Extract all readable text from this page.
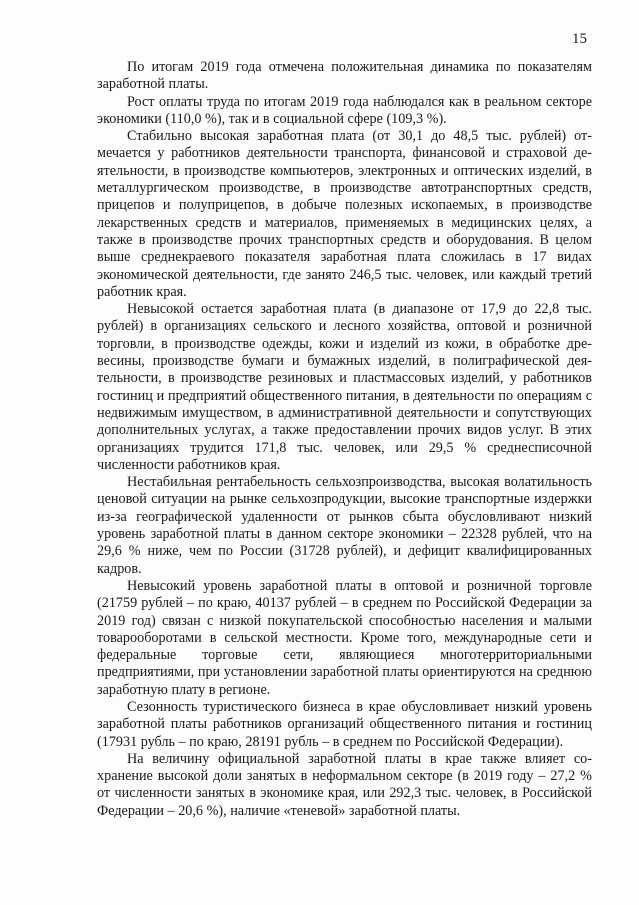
15

По итогам 2019 года отмечена положительная динамика по показателям заработной платы.

Рост оплаты труда по итогам 2019 года наблюдался как в реальном секторе экономики (110,0 %), так и в социальной сфере (109,3 %).

Стабильно высокая заработная плата (от 30,1 до 48,5 тыс. рублей) отмечается у работников деятельности транспорта, финансовой и страховой деятельности, в производстве компьютеров, электронных и оптических изделий, в металлургическом производстве, в производстве автотранспортных средств, прицепов и полуприцепов, в добыче полезных ископаемых, в производстве лекарственных средств и материалов, применяемых в медицинских целях, а также в производстве прочих транспортных средств и оборудования. В целом выше среднекраевого показателя заработная плата сложилась в 17 видах экономической деятельности, где занято 246,5 тыс. человек, или каждый третий работник края.

Невысокой остается заработная плата (в диапазоне от 17,9 до 22,8 тыс. рублей) в организациях сельского и лесного хозяйства, оптовой и розничной торговли, в производстве одежды, кожи и изделий из кожи, в обработке древесины, производстве бумаги и бумажных изделий, в полиграфической деятельности, в производстве резиновых и пластмассовых изделий, у работников гостиниц и предприятий общественного питания, в деятельности по операциям с недвижимым имуществом, в административной деятельности и сопутствующих дополнительных услугах, а также предоставлении прочих видов услуг. В этих организациях трудится 171,8 тыс. человек, или 29,5 % среднесписочной численности работников края.

Нестабильная рентабельность сельхозпроизводства, высокая волатильность ценовой ситуации на рынке сельхозпродукции, высокие транспортные издержки из-за географической удаленности от рынков сбыта обусловливают низкий уровень заработной платы в данном секторе экономики – 22328 рублей, что на 29,6 % ниже, чем по России (31728 рублей), и дефицит квалифицированных кадров.

Невысокий уровень заработной платы в оптовой и розничной торговле (21759 рублей – по краю, 40137 рублей – в среднем по Российской Федерации за 2019 год) связан с низкой покупательской способностью населения и малыми товарооборотами в сельской местности. Кроме того, международные сети и федеральные торговые сети, являющиеся многотерриториальными предприятиями, при установлении заработной платы ориентируются на среднюю заработную плату в регионе.

Сезонность туристического бизнеса в крае обусловливает низкий уровень заработной платы работников организаций общественного питания и гостиниц (17931 рубль – по краю, 28191 рубль – в среднем по Российской Федерации).

На величину официальной заработной платы в крае также влияет сохранение высокой доли занятых в неформальном секторе (в 2019 году – 27,2 % от численности занятых в экономике края, или 292,3 тыс. человек, в Российской Федерации – 20,6 %), наличие «теневой» заработной платы.
